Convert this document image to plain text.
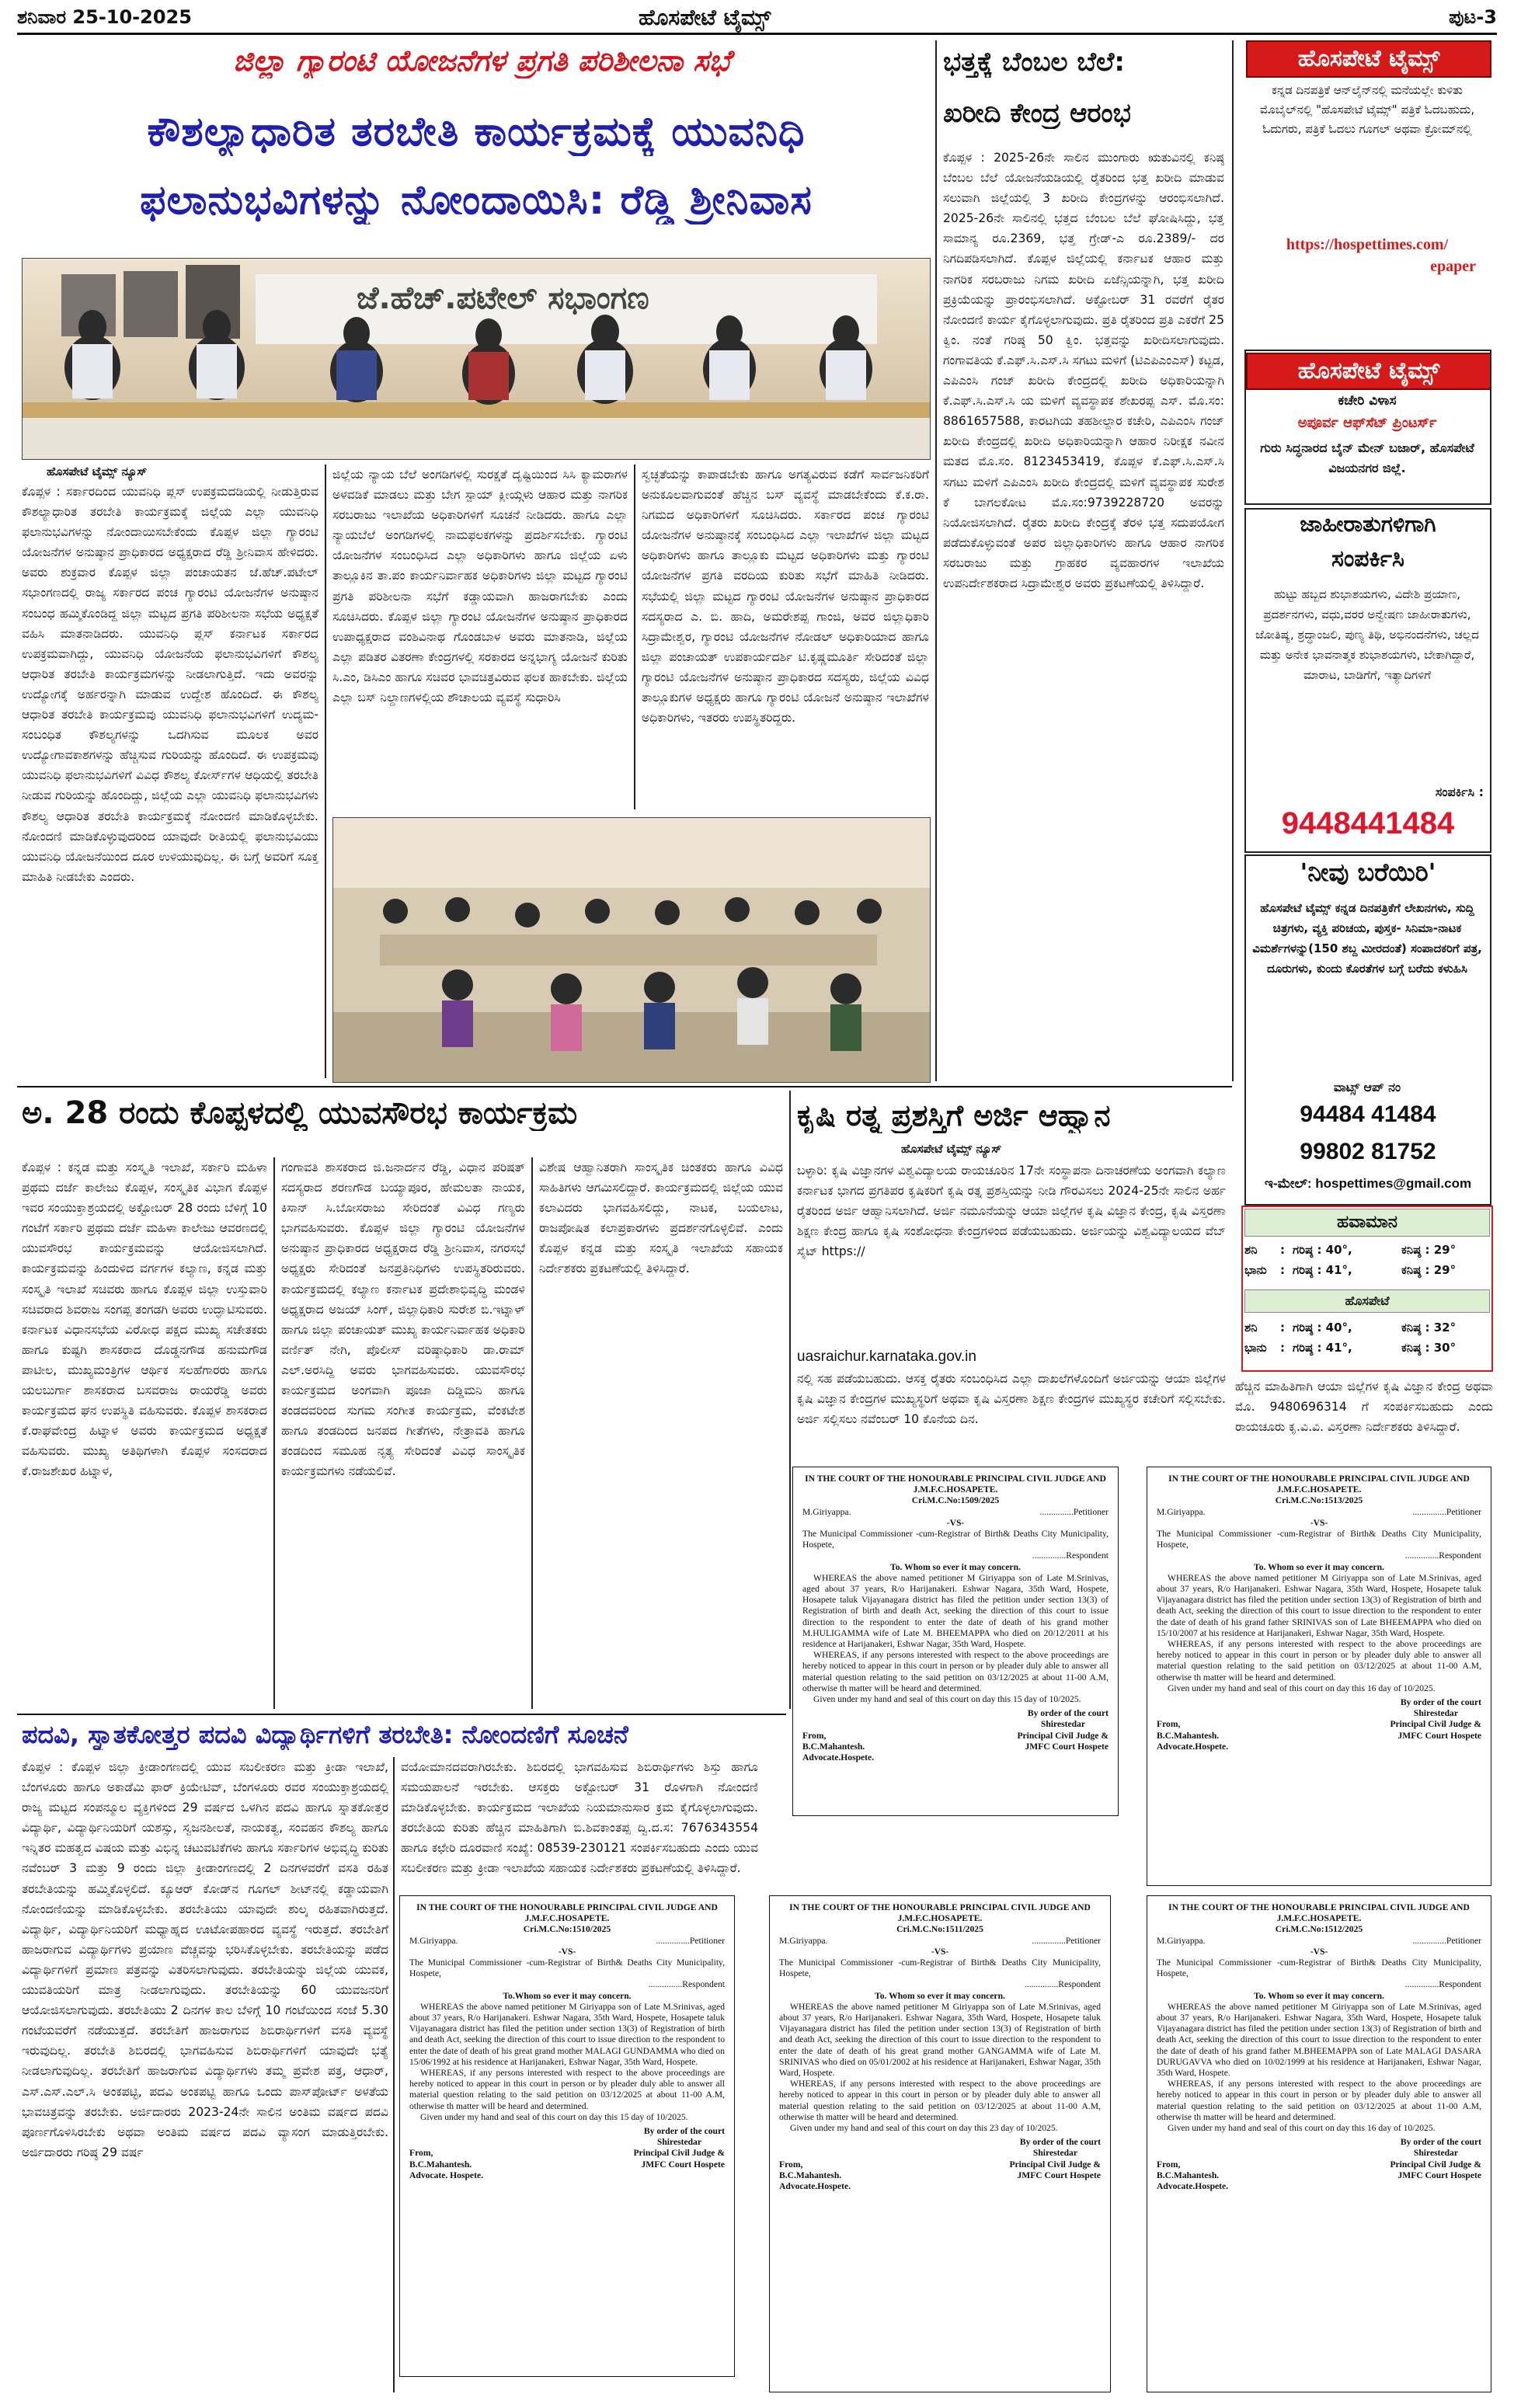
ಶನಿವಾರ 25-10-2025	ಹೊಸಪೇಟೆ ಟೈಮ್ಸ್	ಪುಟ-3
ಜಿಲ್ಲಾ ಗ್ಯಾರಂಟಿ ಯೋಜನೆಗಳ ಪ್ರಗತಿ ಪರಿಶೀಲನಾ ಸಭೆ
ಕೌಶಲ್ಯಾಧಾರಿತ ತರಬೇತಿ ಕಾರ್ಯಕ್ರಮಕ್ಕೆ ಯುವನಿಧಿ
ಫಲಾನುಭವಿಗಳನ್ನು ನೋಂದಾಯಿಸಿ: ರೆಡ್ಡಿ ಶ್ರೀನಿವಾಸ
ಜೆ.ಹೆಚ್.ಪಟೇಲ್ ಸಭಾಂಗಣ
ಹೊಸಪೇಟೆ ಟೈಮ್ಸ್ ನ್ಯೂಸ್
ಕೊಪ್ಪಳ : ಸರ್ಕಾರದಿಂದ ಯುವನಿಧಿ ಪ್ಲಸ್ ಉಪಕ್ರಮದಡಿಯಲ್ಲಿ ನೀಡುತ್ತಿರುವ ಕೌಶಲ್ಯಾಧಾರಿತ ತರಬೇತಿ ಕಾರ್ಯಕ್ರಮಕ್ಕೆ ಜಿಲ್ಲೆಯ ಎಲ್ಲಾ ಯುವನಿಧಿ ಫಲಾನುಭವಿಗಳನ್ನು ನೋಂದಾಯಿಸಬೇಕೆಂದು ಕೊಪ್ಪಳ ಜಿಲ್ಲಾ ಗ್ಯಾರಂಟಿ ಯೋಜನೆಗಳ ಅನುಷ್ಠಾನ ಪ್ರಾಧಿಕಾರದ ಅಧ್ಯಕ್ಷರಾದ ರೆಡ್ಡಿ ಶ್ರೀನಿವಾಸ ಹೇಳಿದರು. ಅವರು ಶುಕ್ರವಾರ ಕೊಪ್ಪಳ ಜಿಲ್ಲಾ ಪಂಚಾಯತನ ಜೆ.ಹೆಚ್.ಪಟೇಲ್ ಸಭಾಂಗಣದಲ್ಲಿ ರಾಜ್ಯ ಸರ್ಕಾರದ ಪಂಚ ಗ್ಯಾರಂಟಿ ಯೋಜನೆಗಳ ಅನುಷ್ಠಾನ ಸಂಬಂಧ ಹಮ್ಮಿಕೊಂಡಿದ್ದ ಜಿಲ್ಲಾ ಮಟ್ಟದ ಪ್ರಗತಿ ಪರಿಶೀಲನಾ ಸಭೆಯ ಅಧ್ಯಕ್ಷತೆ ವಹಿಸಿ ಮಾತನಾಡಿದರು. ಯುವನಿಧಿ ಪ್ಲಸ್ ಕರ್ನಾಟಕ ಸರ್ಕಾರದ ಉಪಕ್ರಮವಾಗಿದ್ದು, ಯುವನಿಧಿ ಯೋಜನೆಯ ಫಲಾನುಭವಿಗಳಿಗೆ ಕೌಶಲ್ಯ ಆಧಾರಿತ ತರಬೇತಿ ಕಾರ್ಯಕ್ರಮಗಳನ್ನು ನೀಡಲಾಗುತ್ತಿದೆ. ಇದು ಅವರನ್ನು ಉದ್ಯೋಗಕ್ಕೆ ಅರ್ಹರನ್ನಾಗಿ ಮಾಡುವ ಉದ್ದೇಶ ಹೊಂದಿದೆ. ಈ ಕೌಶಲ್ಯ ಆಧಾರಿತ ತರಬೇತಿ ಕಾರ್ಯಕ್ರಮವು ಯುವನಿಧಿ ಫಲಾನುಭವಿಗಳಿಗೆ ಉದ್ಯಮ-ಸಂಬಂಧಿತ ಕೌಶಲ್ಯಗಳನ್ನು ಒದಗಿಸುವ ಮೂಲಕ ಅವರ ಉದ್ಯೋಗಾವಕಾಶಗಳನ್ನು ಹೆಚ್ಚಿಸುವ ಗುರಿಯನ್ನು ಹೊಂದಿದೆ. ಈ ಉಪಕ್ರಮವು ಯುವನಿಧಿ ಫಲಾನುಭವಿಗಳಿಗೆ ವಿವಿಧ ಕೌಶಲ್ಯ ಕೋರ್ಸ್‌ಗಳ ಆಧಿಯಲ್ಲಿ ತರಬೇತಿ ನೀಡುವ ಗುರಿಯನ್ನು ಹೊಂದಿದ್ದು, ಜಿಲ್ಲೆಯ ಎಲ್ಲಾ ಯುವನಿಧಿ ಫಲಾನುಭವಿಗಳು ಕೌಶಲ್ಯ ಆಧಾರಿತ ತರಬೇತಿ ಕಾರ್ಯಕ್ರಮಕ್ಕೆ ನೋಂದಣಿ ಮಾಡಿಕೊಳ್ಳಬೇಕು. ನೋಂದಣಿ ಮಾಡಿಕೊಳ್ಳುವುದರಿಂದ ಯಾವುದೇ ರೀತಿಯಲ್ಲಿ ಫಲಾನುಭವಿಯು ಯುವನಿಧಿ ಯೋಜನೆಯಿಂದ ದೂರ ಉಳಿಯುವುದಿಲ್ಲ. ಈ ಬಗ್ಗೆ ಅವರಿಗೆ ಸೂಕ್ತ ಮಾಹಿತಿ ನೀಡಬೇಕು ಎಂದರು.
ಜಿಲ್ಲೆಯ ನ್ಯಾಯ ಬೆಲೆ ಅಂಗಡಿಗಳಲ್ಲಿ ಸುರಕ್ಷತೆ ದೃಷ್ಟಿಯಿಂದ ಸಿಸಿ ಕ್ಯಾಮರಾಗಳ ಅಳವಡಿಕೆ ಮಾಡಲು ಮತ್ತು ಬೇಗ ಸ್ಪಾಯ್ ಕ್ಲೀಯ್ಗಳು ಆಹಾರ ಮತ್ತು ನಾಗರಿಕ ಸರಬರಾಜು ಇಲಾಖೆಯ ಅಧಿಕಾರಿಗಳಿಗೆ ಸೂಚನೆ ನೀಡಿದರು. ಹಾಗೂ ಎಲ್ಲಾ ನ್ಯಾಯಬೆಲೆ ಅಂಗಡಿಗಳಲ್ಲಿ ನಾಮಫಲಕಗಳನ್ನು ಪ್ರದರ್ಶಿಸಬೇಕು. ಗ್ಯಾರಂಟಿ ಯೋಜನೆಗಳ ಸಂಬಂಧಿಸಿದ ಎಲ್ಲಾ ಅಧಿಕಾರಿಗಳು ಹಾಗೂ ಜಿಲ್ಲೆಯ ಏಳು ತಾಲ್ಲೂಕಿನ ತಾ.ಪಂ ಕಾರ್ಯನಿರ್ವಾಹಕ ಅಧಿಕಾರಿಗಳು ಜಿಲ್ಲಾ ಮಟ್ಟದ ಗ್ಯಾರಂಟಿ ಪ್ರಗತಿ ಪರಿಶೀಲನಾ ಸಭೆಗೆ ಕಡ್ಡಾಯವಾಗಿ ಹಾಜರಾಗಬೇಕು ಎಂದು ಸೂಚಿಸಿದರು. ಕೊಪ್ಪಳ ಜಿಲ್ಲಾ ಗ್ಯಾರಂಟಿ ಯೋಜನೆಗಳ ಅನುಷ್ಠಾನ ಪ್ರಾಧಿಕಾರದ ಉಪಾಧ್ಯಕ್ಷರಾದ ವಂಶಿವಿನಾಥ ಗೊಂಡಬಾಳ ಅವರು ಮಾತನಾಡಿ, ಜಿಲ್ಲೆಯ ಎಲ್ಲಾ ಪಡಿತರ ವಿತರಣಾ ಕೇಂದ್ರಗಳಲ್ಲಿ ಸರಕಾರದ ಅನ್ನಭಾಗ್ಯ ಯೋಜನೆ ಕುರಿತು ಸಿ.ಎಂ, ಡಿಸಿಎಂ ಹಾಗೂ ಸಚಿವರ ಭಾವಚಿತ್ರವಿರುವ ಫಲಕ ಹಾಕಬೇಕು. ಜಿಲ್ಲೆಯ ಎಲ್ಲಾ ಬಸ್ ನಿಲ್ದಾಣಗಳಲ್ಲಿಯ ಶೌಚಾಲಯ ವ್ಯವಸ್ಥೆ ಸುಧಾರಿಸಿ
ಸ್ವಚ್ಛತೆಯನ್ನು ಕಾಪಾಡಬೇಕು ಹಾಗೂ ಅಗತ್ಯವಿರುವ ಕಡೆಗೆ ಸಾರ್ವಜನಿಕರಿಗೆ ಅನುಕೂಲವಾಗುವಂತೆ ಹೆಚ್ಚಿನ ಬಸ್ ವ್ಯವಸ್ಥೆ ಮಾಡಬೇಕೆಂದು ಕೆ.ಕ.ರಾ. ನಿಗಮದ ಅಧಿಕಾರಿಗಳಿಗೆ ಸೂಚಿಸಿದರು. ಸರ್ಕಾರದ ಪಂಚ ಗ್ಯಾರಂಟಿ ಯೋಜನೆಗಳ ಅನುಷ್ಠಾನಕ್ಕೆ ಸಂಬಂಧಿಸಿದ ಎಲ್ಲಾ ಇಲಾಖೆಗಳ ಜಿಲ್ಲಾ ಮಟ್ಟದ ಅಧಿಕಾರಿಗಳು ಹಾಗೂ ತಾಲ್ಲೂಕು ಮಟ್ಟದ ಅಧಿಕಾರಿಗಳು ಮತ್ತು ಗ್ಯಾರಂಟಿ ಯೋಜನೆಗಳ ಪ್ರಗತಿ ವರದಿಯ ಕುರಿತು ಸಭೆಗೆ ಮಾಹಿತಿ ನೀಡಿದರು. ಸಭೆಯಲ್ಲಿ ಜಿಲ್ಲಾ ಮಟ್ಟದ ಗ್ಯಾರಂಟಿ ಯೋಜನೆಗಳ ಅನುಷ್ಠಾನ ಪ್ರಾಧಿಕಾರದ ಸದಸ್ಯರಾದ ಎ. ಬಿ. ಹಾದಿ, ಅಮರೇಶಪ್ಪ ಗಾಂಜಿ, ಅವರ ಜಿಲ್ಲಾಧಿಕಾರಿ ಸಿದ್ರಾಮೇಶ್ವರ, ಗ್ಯಾರಂಟಿ ಯೋಜನೆಗಳ ನೋಡಲ್ ಅಧಿಕಾರಿಯಾದ ಹಾಗೂ ಜಿಲ್ಲಾ ಪಂಚಾಯತ್ ಉಪಕಾರ್ಯದರ್ಶಿ ಟಿ.ಕೃಷ್ಣಮೂರ್ತಿ ಸೇರಿದಂತೆ ಜಿಲ್ಲಾ ಗ್ಯಾರಂಟಿ ಯೋಜನೆಗಳ ಅನುಷ್ಠಾನ ಪ್ರಾಧಿಕಾರದ ಸದಸ್ಯರು, ಜಿಲ್ಲೆಯ ವಿವಿಧ ತಾಲ್ಲೂಕುಗಳ ಅಧ್ಯಕ್ಷರು ಹಾಗೂ ಗ್ಯಾರಂಟಿ ಯೋಜನೆ ಅನುಷ್ಠಾನ ಇಲಾಖೆಗಳ ಅಧಿಕಾರಿಗಳು, ಇತರರು ಉಪಸ್ಥಿತರಿದ್ದರು.
ಭತ್ತಕ್ಕೆ ಬೆಂಬಲ ಬೆಲೆ:
ಖರೀದಿ ಕೇಂದ್ರ ಆರಂಭ
ಕೊಪ್ಪಳ : 2025-26ನೇ ಸಾಲಿನ ಮುಂಗಾರು ಋತುವಿನಲ್ಲಿ ಕನಿಷ್ಠ ಬೆಂಬಲ ಬೆಲೆ ಯೋಜನೆಯಡಿಯಲ್ಲಿ ರೈತರಿಂದ ಭತ್ತ ಖರೀದಿ ಮಾಡುವ ಸಲುವಾಗಿ ಜಿಲ್ಲೆಯಲ್ಲಿ 3 ಖರೀದಿ ಕೇಂದ್ರಗಳನ್ನು ಆರಂಭಿಸಲಾಗಿದೆ. 2025-26ನೇ ಸಾಲಿನಲ್ಲಿ ಭತ್ತದ ಬೆಂಬಲ ಬೆಲೆ ಘೋಷಿಸಿದ್ದು, ಭತ್ತ ಸಾಮಾನ್ಯ ರೂ.2369, ಭತ್ತ ಗ್ರೇಡ್-ಎ ರೂ.2389/- ದರ ನಿಗದಿಪಡಿಸಲಾಗಿದೆ. ಕೊಪ್ಪಳ ಜಿಲ್ಲೆಯಲ್ಲಿ ಕರ್ನಾಟಕ ಆಹಾರ ಮತ್ತು ನಾಗರಿಕ ಸರಬರಾಜು ನಿಗಮ ಖರೀದಿ ಏಜೆನ್ಸಿಯನ್ನಾಗಿ, ಭತ್ತ ಖರೀದಿ ಪ್ರಕ್ರಿಯೆಯನ್ನು ಪ್ರಾರಂಭಿಸಲಾಗಿದೆ. ಅಕ್ಟೋಬರ್ 31 ರವರೆಗೆ ರೈತರ ನೋಂದಣಿ ಕಾರ್ಯ ಕೈಗೊಳ್ಳಲಾಗುವುದು. ಪ್ರತಿ ರೈತರಿಂದ ಪ್ರತಿ ಎಕರೆಗೆ 25 ಕ್ವಿಂ. ನಂತೆ ಗರಿಷ್ಠ 50 ಕ್ವಿಂ. ಭತ್ತವನ್ನು ಖರೀದಿಸಲಾಗುವುದು. ಗಂಗಾವತಿಯ ಕೆ.ಎಫ್.ಸಿ.ಎಸ್.ಸಿ ಸಗಟು ಮಳಿಗೆ (ಟಿಎಪಿಎಂಎಸ್) ಕಟ್ಟಡ, ಎಪಿಎಂಸಿ ಗಂಜ್ ಖರೀದಿ ಕೇಂದ್ರದಲ್ಲಿ ಖರೀದಿ ಅಧಿಕಾರಿಯನ್ನಾಗಿ ಕೆ.ಎಫ್.ಸಿ.ಎಸ್.ಸಿ ಯ ಮಳಿಗೆ ವ್ಯವಸ್ಥಾಪಕ ಶೇಖರಪ್ಪ ಎಸ್. ಮೊ.ಸಂ: 8861657588, ಕಾರಟಗಿಯ ತಹಶೀಲ್ದಾರ ಕಚೇರಿ, ಎಪಿಎಂಸಿ ಗಂಜ್ ಖರೀದಿ ಕೇಂದ್ರದಲ್ಲಿ ಖರೀದಿ ಅಧಿಕಾರಿಯನ್ನಾಗಿ ಆಹಾರ ನಿರೀಕ್ಷಕ ನವೀನ ಮತದ ಮೊ.ಸಂ. 8123453419, ಕೊಪ್ಪಳ ಕೆ.ಎಫ್.ಸಿ.ಎಸ್.ಸಿ ಸಗಟು ಮಳಿಗೆ ಎಪಿಎಂಸಿ ಖರೀದಿ ಕೇಂದ್ರದಲ್ಲಿ ಮಳಿಗೆ ವ್ಯವಸ್ಥಾಪಕ ಸುರೇಶ ಕೆ ಬಾಗಲಕೋಟ ಮೊ.ಸಂ:9739228720 ಅವರನ್ನು ನಿಯೋಜಿಸಲಾಗಿದೆ. ರೈತರು ಖರೀದಿ ಕೇಂದ್ರಕ್ಕೆ ತೆರಳಿ ಭತ್ತ ಸದುಪಯೋಗ ಪಡೆದುಕೊಳ್ಳುವಂತೆ ಅಪರ ಜಿಲ್ಲಾಧಿಕಾರಿಗಳು ಹಾಗೂ ಆಹಾರ ನಾಗರಿಕ ಸರಬರಾಜು ಮತ್ತು ಗ್ರಾಹಕರ ವ್ಯವಹಾರಗಳ ಇಲಾಖೆಯ ಉಪನಿರ್ದೇಶಕರಾದ ಸಿದ್ರಾಮೇಶ್ವರ ಅವರು ಪ್ರಕಟಣೆಯಲ್ಲಿ ತಿಳಿಸಿದ್ದಾರೆ.
ಹೊಸಪೇಟೆ ಟೈಮ್ಸ್
ಕನ್ನಡ ದಿನಪತ್ರಿಕೆ ಆನ್‌ಲೈನ್‌ನಲ್ಲಿ ಮನೆಯಲ್ಲೇ ಕುಳಿತು ಮೊಬೈಲ್‌ನಲ್ಲಿ "ಹೊಸಪೇಟೆ ಟೈಮ್ಸ್" ಪತ್ರಿಕೆ ಓದಬಹುದು, ಓದುಗರು, ಪತ್ರಿಕೆ ಓದಲು ಗೂಗಲ್ ಅಥವಾ ಕ್ರೋಮ್‌ನಲ್ಲಿ
https://hospettimes.com/
epaper
ಹೊಸಪೇಟೆ ಟೈಮ್ಸ್
ಕಚೇರಿ ವಿಳಾಸ
ಅಪೂರ್ವ ಆಫ್‌ಸೆಟ್ ಪ್ರಿಂಟರ್ಸ್
ಗುರು ಸಿದ್ಧನಾರದ ಬೈನ್ ಮೇನ್ ಬಜಾರ್, ಹೊಸಪೇಟೆ ವಿಜಯನಗರ ಜಿಲ್ಲೆ.
ಜಾಹೀರಾತುಗಳಿಗಾಗಿ
ಸಂಪರ್ಕಿಸಿ
ಹುಟ್ಟು ಹಬ್ಬದ ಶುಭಾಶಯಗಳು, ವಿದೇಶಿ ಪ್ರಯಾಣ, ಪ್ರದರ್ಶನಗಳು, ವಧು,ವರರ ಅನ್ವೇಷಣ ಜಾಹೀರಾತುಗಳು, ಜೋತಿಷ್ಯ, ಶ್ರದ್ಧಾಂಜಲಿ, ಪುಣ್ಯ ತಿಥಿ, ಅಭಿನಂದನೆಗಳು, ಚಲ್ಲದ ಮತ್ತು ಅನೇಕ ಭಾವನಾತ್ಮಕ ಶುಭಾಶಯಗಳು, ಬೇಕಾಗಿದ್ದಾರೆ, ಮಾರಾಟ, ಬಾಡಿಗೆಗೆ, ಇತ್ಯಾದಿಗಳಿಗೆ
ಸಂಪರ್ಕಿಸಿ :
9448441484
'ನೀವು ಬರೆಯಿರಿ'
ಹೊಸಪೇಟೆ ಟೈಮ್ಸ್ ಕನ್ನಡ ದಿನಪತ್ರಿಕೆಗೆ ಲೇಖನಗಳು, ಸುದ್ದಿ ಚಿತ್ರಗಳು, ವ್ಯಕ್ತಿ ಪರಿಚಯ, ಪುಸ್ತಕ- ಸಿನಿಮಾ-ನಾಟಕ ವಿಮರ್ಶೆಗಳನ್ನು(150 ಶಬ್ದ ಮೀರದಂತೆ) ಸಂಪಾದಕರಿಗೆ ಪತ್ರ, ದೂರುಗಳು, ಕುಂದು ಕೊರತೆಗಳ ಬಗ್ಗೆ ಬರೆದು ಕಳುಹಿಸಿ
ವಾಟ್ಸ್ ಆಪ್ ನಂ
94484 41484
99802 81752
ಇ-ಮೇಲ್: hospettimes@gmail.com
ಹವಾಮಾನ
ಶನಿ	: ಗರಿಷ್ಠ : 40°,	ಕನಿಷ್ಠ : 29°
ಭಾನು	: ಗರಿಷ್ಠ : 41°,	ಕನಿಷ್ಠ : 29°
ಹೊಸಪೇಟೆ
ಶನಿ	: ಗರಿಷ್ಠ : 40°,	ಕನಿಷ್ಠ : 32°
ಭಾನು	: ಗರಿಷ್ಠ : 41°,	ಕನಿಷ್ಠ : 30°
ಅ. 28 ರಂದು ಕೊಪ್ಪಳದಲ್ಲಿ ಯುವಸೌರಭ ಕಾರ್ಯಕ್ರಮ
ಕೊಪ್ಪಳ : ಕನ್ನಡ ಮತ್ತು ಸಂಸ್ಕೃತಿ ಇಲಾಖೆ, ಸರ್ಕಾರಿ ಮಹಿಳಾ ಪ್ರಥಮ ದರ್ಜೆ ಕಾಲೇಜು ಕೊಪ್ಪಳ, ಸಂಸ್ಕೃತಿಕ ವಿಭಾಗ ಕೊಪ್ಪಳ ಇವರ ಸಂಯುಕ್ತಾಶ್ರಯದಲ್ಲಿ ಅಕ್ಟೋಬರ್ 28 ರಂದು ಬೆಳಿಗ್ಗೆ 10 ಗಂಟೆಗೆ ಸರ್ಕಾರಿ ಪ್ರಥಮ ದರ್ಜೆ ಮಹಿಳಾ ಕಾಲೇಜು ಆವರಣದಲ್ಲಿ ಯುವಸೌರಭ ಕಾರ್ಯಕ್ರಮವನ್ನು ಆಯೋಜಿಸಲಾಗಿದೆ. ಕಾರ್ಯಕ್ರಮವನ್ನು ಹಿಂದುಳಿದ ವರ್ಗಗಳ ಕಲ್ಯಾಣ, ಕನ್ನಡ ಮತ್ತು ಸಂಸ್ಕೃತಿ ಇಲಾಖೆ ಸಚಿವರು ಹಾಗೂ ಕೊಪ್ಪಳ ಜಿಲ್ಲಾ ಉಸ್ತುವಾರಿ ಸಚಿವರಾದ ಶಿವರಾಜ ಸಂಗಪ್ಪ ತಂಗಡಗಿ ಅವರು ಉದ್ಘಾಟಿಸುವರು. ಕರ್ನಾಟಕ ವಿಧಾನಸಭೆಯ ವಿರೋಧ ಪಕ್ಷದ ಮುಖ್ಯ ಸಚೇತಕರು ಹಾಗೂ ಕುಷ್ಟಗಿ ಶಾಸಕರಾದ ದೊಡ್ಡನಗೌಡ ಹನುಮಗೌಡ ಪಾಟೀಲ, ಮುಖ್ಯಮಂತ್ರಿಗಳ ಆರ್ಥಿಕ ಸಲಹೆಗಾರರು ಹಾಗೂ ಯಲಬುರ್ಗಾ ಶಾಸಕರಾದ ಬಸವರಾಜ ರಾಯರೆಡ್ಡಿ ಅವರು ಕಾರ್ಯಕ್ರಮದ ಘನ ಉಪಸ್ಥಿತಿ ವಹಿಸುವರು. ಕೊಪ್ಪಳ ಶಾಸಕರಾದ ಕೆ.ರಾಘವೇಂದ್ರ ಹಿಟ್ನಾಳ ಅವರು ಕಾರ್ಯಕ್ರಮದ ಅಧ್ಯಕ್ಷತೆ ವಹಿಸುವರು. ಮುಖ್ಯ ಅತಿಥಿಗಳಾಗಿ ಕೊಪ್ಪಳ ಸಂಸದರಾದ ಕೆ.ರಾಜಶೇಖರ ಹಿಟ್ನಾಳ,
ಗಂಗಾವತಿ ಶಾಸಕರಾದ ಜಿ.ಜನಾರ್ದನ ರೆಡ್ಡಿ, ವಿಧಾನ ಪರಿಷತ್ ಸದಸ್ಯರಾದ ಶರಣಗೌಡ ಬಯ್ಯಾಪೂರ, ಹೇಮಲತಾ ನಾಯಕ, ಕಿಸಾನ್ ಸಿ.ಬೋಸರಾಜು ಸೇರಿದಂತೆ ವಿವಿಧ ಗಣ್ಯರು ಭಾಗವಹಿಸುವರು. ಕೊಪ್ಪಳ ಜಿಲ್ಲಾ ಗ್ಯಾರಂಟಿ ಯೋಜನೆಗಳ ಅನುಷ್ಠಾನ ಪ್ರಾಧಿಕಾರದ ಅಧ್ಯಕ್ಷರಾದ ರೆಡ್ಡಿ ಶ್ರೀನಿವಾಸ, ನಗರಸಭೆ ಅಧ್ಯಕ್ಷರು ಸೇರಿದಂತೆ ಜನಪ್ರತಿನಿಧಿಗಳು ಉಪಸ್ಥಿತರಿರುವರು. ಕಾರ್ಯಕ್ರಮದಲ್ಲಿ ಕಲ್ಯಾಣ ಕರ್ನಾಟಕ ಪ್ರದೇಶಾಭಿವೃದ್ಧಿ ಮಂಡಳಿ ಅಧ್ಯಕ್ಷರಾದ ಅಜಯ್ ಸಿಂಗ್, ಜಿಲ್ಲಾಧಿಕಾರಿ ಸುರೇಶ ಬಿ.ಇಟ್ನಾಳ್ ಹಾಗೂ ಜಿಲ್ಲಾ ಪಂಚಾಯತ್ ಮುಖ್ಯ ಕಾರ್ಯನಿರ್ವಾಹಕ ಅಧಿಕಾರಿ ವರ್ಣಿತ್ ನೇಗಿ, ಪೊಲೀಸ್ ವರಿಷ್ಠಾಧಿಕಾರಿ ಡಾ.ರಾಮ್ ಎಲ್.ಅರಸಿದ್ದಿ ಅವರು ಭಾಗವಹಿಸುವರು. ಯುವಸೌರಭ ಕಾರ್ಯಕ್ರಮದ ಅಂಗವಾಗಿ ಪೂಜಾ ದಿಡ್ಡಿಮನಿ ಹಾಗೂ ತಂಡದವರಿಂದ ಸುಗಮ ಸಂಗೀತ ಕಾರ್ಯಕ್ರಮ, ವೆಂಕಟೇಶ ಹಾಗೂ ತಂಡದಿಂದ ಜನಪದ ಗೀತೆಗಳು, ನೇತ್ರಾವತಿ ಹಾಗೂ ತಂಡದಿಂದ ಸಮೂಹ ನೃತ್ಯ ಸೇರಿದಂತೆ ವಿವಿಧ ಸಾಂಸ್ಕೃತಿಕ ಕಾರ್ಯಕ್ರಮಗಳು ನಡೆಯಲಿವೆ.
ವಿಶೇಷ ಆಹ್ವಾನಿತರಾಗಿ ಸಾಂಸ್ಕೃತಿಕ ಚಿಂತಕರು ಹಾಗೂ ವಿವಿಧ ಸಾಹಿತಿಗಳು ಆಗಮಿಸಲಿದ್ದಾರೆ. ಕಾರ್ಯಕ್ರಮದಲ್ಲಿ ಜಿಲ್ಲೆಯ ಯುವ ಕಲಾವಿದರು ಭಾಗವಹಿಸಲಿದ್ದು, ನಾಟಕ, ಬಯಲಾಟ, ರಾಜಪೋಷಿತ ಕಲಾಪ್ರಕಾರಗಳು ಪ್ರದರ್ಶನಗೊಳ್ಳಲಿವೆ. ಎಂದು ಕೊಪ್ಪಳ ಕನ್ನಡ ಮತ್ತು ಸಂಸ್ಕೃತಿ ಇಲಾಖೆಯ ಸಹಾಯಕ ನಿರ್ದೇಶಕರು ಪ್ರಕಟಣೆಯಲ್ಲಿ ತಿಳಿಸಿದ್ದಾರೆ.
ಕೃಷಿ ರತ್ನ ಪ್ರಶಸ್ತಿಗೆ ಅರ್ಜಿ ಆಹ್ವಾನ
ಹೊಸಪೇಟೆ ಟೈಮ್ಸ್ ನ್ಯೂಸ್
ಬಳ್ಳಾರಿ: ಕೃಷಿ ವಿಜ್ಞಾನಗಳ ವಿಶ್ವವಿದ್ಯಾಲಯ ರಾಯಚೂರಿನ 17ನೇ ಸಂಸ್ಥಾಪನಾ ದಿನಾಚರಣೆಯ ಅಂಗವಾಗಿ ಕಲ್ಯಾಣ ಕರ್ನಾಟಕ ಭಾಗದ ಪ್ರಗತಿಪರ ಕೃಷಿಕರಿಗೆ ಕೃಷಿ ರತ್ನ ಪ್ರಶಸ್ತಿಯನ್ನು ನೀಡಿ ಗೌರವಿಸಲು 2024-25ನೇ ಸಾಲಿನ ಅರ್ಹ ರೈತರಿಂದ ಅರ್ಜಿ ಆಹ್ವಾನಿಸಲಾಗಿದೆ. ಅರ್ಜಿ ನಮೂನೆಯನ್ನು ಆಯಾ ಜಿಲ್ಲೆಗಳ ಕೃಷಿ ವಿಜ್ಞಾನ ಕೇಂದ್ರ, ಕೃಷಿ ವಿಸ್ತರಣಾ ಶಿಕ್ಷಣ ಕೇಂದ್ರ ಹಾಗೂ ಕೃಷಿ ಸಂಶೋಧನಾ ಕೇಂದ್ರಗಳಿಂದ ಪಡೆಯಬಹುದು. ಅರ್ಜಿಯನ್ನು ವಿಶ್ವವಿದ್ಯಾಲಯದ ವೆಬ್ ಸೈಟ್ https://
uasraichur.karnataka.gov.in
ನಲ್ಲಿ ಸಹ ಪಡೆಯಬಹುದು. ಆಸಕ್ತ ರೈತರು ಸಂಬಂಧಿಸಿದ ಎಲ್ಲಾ ದಾಖಲೆಗಳೊಂದಿಗೆ ಅರ್ಜಿಯನ್ನು ಆಯಾ ಜಿಲ್ಲೆಗಳ ಕೃಷಿ ವಿಜ್ಞಾನ ಕೇಂದ್ರಗಳ ಮುಖ್ಯಸ್ಥರಿಗೆ ಅಥವಾ ಕೃಷಿ ವಿಸ್ತರಣಾ ಶಿಕ್ಷಣ ಕೇಂದ್ರಗಳ ಮುಖ್ಯಸ್ಥರ ಕಚೇರಿಗೆ ಸಲ್ಲಿಸಬೇಕು. ಅರ್ಜಿ ಸಲ್ಲಿಸಲು ನವೆಂಬರ್ 10 ಕೊನೆಯ ದಿನ.
ಹೆಚ್ಚಿನ ಮಾಹಿತಿಗಾಗಿ ಆಯಾ ಜಿಲ್ಲೆಗಳ ಕೃಷಿ ವಿಜ್ಞಾನ ಕೇಂದ್ರ ಅಥವಾ ಮೊ. 9480696314 ಗೆ ಸಂಪರ್ಕಿಸಬಹುದು ಎಂದು ರಾಯಚೂರು ಕೃ.ವಿ.ವಿ. ವಿಸ್ತರಣಾ ನಿರ್ದೇಶಕರು ತಿಳಿಸಿದ್ದಾರೆ.
IN THE COURT OF THE HONOURABLE PRINCIPAL CIVIL JUDGE AND J.M.F.C.HOSAPETE.
Cri.M.C.No:1509/2025
M.Giriyappa.	...............Petitioner
-VS-
The Municipal Commissioner -cum-Registrar of Birth& Deaths City Municipality, Hospete,
...............Respondent
To. Whom so ever it may concern.
WHEREAS the above named petitioner M Giriyappa son of Late M.Srinivas, aged about 37 years, R/o Harijanakeri. Eshwar Nagara, 35th Ward, Hospete, Hosapete taluk Vijayanagara district has filed the petition under section 13(3) of Registration of birth and death Act, seeking the direction of this court to issue direction to the respondent to enter the date of death of his grand mother M.HULIGAMMA wife of Late M. BHEEMAPPA who died on 20/12/2011 at his residence at Harijanakeri, Eshwar Nagar, 35th Ward, Hospete.
WHEREAS, if any persons interested with respect to the above proceedings are hereby noticed to appear in this court in person or by pleader duly able to answer all material question relating to the said petition on 03/12/2025 at about 11-00 A.M, otherwise th matter will be heard and determined.
Given under my hand and seal of this court on day this 15 day of 10/2025.
By order of the court
Shirestedar
From,	Principal Civil Judge &
B.C.Mahantesh.	JMFC Court Hospete
Advocate.Hospete.
IN THE COURT OF THE HONOURABLE PRINCIPAL CIVIL JUDGE AND J.M.F.C.HOSAPETE.
Cri.M.C.No:1513/2025
M.Giriyappa.	...............Petitioner
-VS-
The Municipal Commissioner -cum-Registrar of Birth& Deaths City Municipality, Hospete,
...............Respondent
To. Whom so ever it may concern.
WHEREAS the above named petitioner M Giriyappa son of Late M.Srinivas, aged about 37 years, R/o Harijanakeri. Eshwar Nagara, 35th Ward, Hospete, Hosapete taluk Vijayanagara district has filed the petition under section 13(3) of Registration of birth and death Act, seeking the direction of this court to issue direction to the respondent to enter the date of death of his grand father SRINIVAS son of Late BHEEMAPPA who died on 15/10/2007 at his residence at Harijanakeri, Eshwar Nagar, 35th Ward, Hospete.
WHEREAS, if any persons interested with respect to the above proceedings are hereby noticed to appear in this court in person or by pleader duly able to answer all material question relating to the said petition on 03/12/2025 at about 11-00 A.M, otherwise th matter will be heard and determined.
Given under my hand and seal of this court on day this 16 day of 10/2025.
By order of the court
Shirestedar
From,	Principal Civil Judge &
B.C.Mahantesh.	JMFC Court Hospete
Advocate.Hospete.
IN THE COURT OF THE HONOURABLE PRINCIPAL CIVIL JUDGE AND J.M.F.C.HOSAPETE.
Cri.M.C.No:1510/2025
M.Giriyappa.	...............Petitioner
-VS-
The Municipal Commissioner -cum-Registrar of Birth& Deaths City Municipality, Hospete,
...............Respondent
To.Whom so ever it may concern.
WHEREAS the above named petitioner M Giriyappa son of Late M.Srinivas, aged about 37 years, R/o Harijanakeri. Eshwar Nagara, 35th Ward, Hospete, Hosapete taluk Vijayanagara district has filed the petition under section 13(3) of Registration of birth and death Act, seeking the direction of this court to issue direction to the respondent to enter the date of death of his great grand mother MALAGI GUNDAMMA who died on 15/06/1992 at his residence at Harijanakeri, Eshwar Nagar, 35th Ward, Hospete.
WHEREAS, if any persons interested with respect to the above proceedings are hereby noticed to appear in this court in person or by pleader duly able to answer all material question relating to the said petition on 03/12/2025 at about 11-00 A.M, otherwise th matter will be heard and determined.
Given under my hand and seal of this court on day this 15 day of 10/2025.
By order of the court
Shirestedar
From,	Principal Civil Judge &
B.C.Mahantesh.	JMFC Court Hospete
Advocate. Hospete.
IN THE COURT OF THE HONOURABLE PRINCIPAL CIVIL JUDGE AND J.M.F.C.HOSAPETE.
Cri.M.C.No:1511/2025
M.Giriyappa.	...............Petitioner
-VS-
The Municipal Commissioner -cum-Registrar of Birth& Deaths City Municipality, Hospete,
...............Respondent
To. Whom so ever it may concern.
WHEREAS the above named petitioner M Giriyappa son of Late M.Srinivas, aged about 37 years, R/o Harijanakeri. Eshwar Nagara, 35th Ward, Hospete, Hosapete taluk Vijayanagara district has filed the petition under section 13(3) of Registration of birth and death Act, seeking the direction of this court to issue direction to the respondent to enter the date of death of his great grand mother GANGAMMA wife of Late M. SRINIVAS who died on 05/01/2002 at his residence at Harijanakeri, Eshwar Nagar, 35th Ward, Hospete.
WHEREAS, if any persons interested with respect to the above proceedings are hereby noticed to appear in this court in person or by pleader duly able to answer all material question relating to the said petition on 03/12/2025 at about 11-00 A.M, otherwise th matter will be heard and determined.
Given under my hand and seal of this court on day this 23 day of 10/2025.
By order of the court
Shirestedar
From,	Principal Civil Judge &
B.C.Mahantesh.	JMFC Court Hospete
Advocate.Hospete.
IN THE COURT OF THE HONOURABLE PRINCIPAL CIVIL JUDGE AND J.M.F.C.HOSAPETE.
Cri.M.C.No:1512/2025
M.Giriyappa.	...............Petitioner
-VS-
The Municipal Commissioner -cum-Registrar of Birth& Deaths City Municipality, Hospete,
...............Respondent
To. Whom so ever it may concern.
WHEREAS the above named petitioner M Giriyappa son of Late M.Srinivas, aged about 37 years, R/o Harijanakeri. Eshwar Nagara, 35th Ward, Hospete, Hosapete taluk Vijayanagara district has filed the petition under section 13(3) of Registration of birth and death Act, seeking the direction of this court to issue direction to the respondent to enter the date of death of his grand father M.BHEEMAPPA son of Late MALAGI DASARA DURUGAVVA who died on 10/02/1999 at his residence at Harijanakeri, Eshwar Nagar, 35th Ward, Hospete.
WHEREAS, if any persons interested with respect to the above proceedings are hereby noticed to appear in this court in person or by pleader duly able to answer all material question relating to the said petition on 03/12/2025 at about 11-00 A.M, otherwise th matter will be heard and determined.
Given under my hand and seal of this court on day this 16 day of 10/2025.
By order of the court
Shirestedar
From,	Principal Civil Judge &
B.C.Mahantesh.	JMFC Court Hospete
Advocate.Hospete.
ಪದವಿ, ಸ್ನಾತಕೋತ್ತರ ಪದವಿ ವಿದ್ಯಾರ್ಥಿಗಳಿಗೆ ತರಬೇತಿ: ನೋಂದಣಿಗೆ ಸೂಚನೆ
ಕೊಪ್ಪಳ : ಕೊಪ್ಪಳ ಜಿಲ್ಲಾ ಕ್ರೀಡಾಂಗಣದಲ್ಲಿ ಯುವ ಸಬಲೀಕರಣ ಮತ್ತು ಕ್ರೀಡಾ ಇಲಾಖೆ, ಬೆಂಗಳೂರು ಹಾಗೂ ಅಕಾಡೆಮಿ ಫಾರ್ ಕ್ರಿಯೇಟಿವ್, ಬೆಂಗಳೂರು ರವರ ಸಂಯುಕ್ತಾಶ್ರಯದಲ್ಲಿ ರಾಜ್ಯ ಮಟ್ಟದ ಸಂಪನ್ಮೂಲ ವ್ಯಕ್ತಿಗಳಿಂದ 29 ವರ್ಷದ ಒಳಗಿನ ಪದವಿ ಹಾಗೂ ಸ್ನಾತಕೋತ್ತರ ವಿದ್ಯಾರ್ಥಿ, ವಿದ್ಯಾರ್ಥಿನಿಯರಿಗೆ ಯಶಸ್ಸು, ಸ್ವಜನಶೀಲತೆ, ನಾಯಕತ್ವ, ಸಂವಹನ ಕೌಶಲ್ಯ ಹಾಗೂ ಇನ್ನಿತರ ಮಹತ್ವದ ವಿಷಯ ಮತ್ತು ವಿಭಿನ್ನ ಚಟುವಟಿಕೆಗಳು ಹಾಗೂ ಸರ್ಕಾರಿಗಳ ಅಭಿವೃದ್ಧಿ ಕುರಿತು ನವೆಂಬರ್ 3 ಮತ್ತು 9 ರಂದು ಜಿಲ್ಲಾ ಕ್ರೀಡಾಂಗಣದಲ್ಲಿ 2 ದಿನಗಳವರೆಗೆ ವಸತಿ ರಹಿತ ತರಬೇತಿಯನ್ನು ಹಮ್ಮಿಕೊಳ್ಳಲಿದೆ. ಕ್ಯೂಆರ್ ಕೋಡ್‌ನ ಗೂಗಲ್ ಶೀಟ್‌ನಲ್ಲಿ ಕಡ್ಡಾಯವಾಗಿ ನೋಂದಣಿಯನ್ನು ಮಾಡಿಕೊಳ್ಳಬೇಕು. ತರಬೇತಿಯು ಯಾವುದೇ ಶುಲ್ಕ ರಹಿತವಾಗಿರುತ್ತದೆ. ವಿದ್ಯಾರ್ಥಿ, ವಿದ್ಯಾರ್ಥಿನಿಯರಿಗೆ ಮಧ್ಯಾಹ್ನದ ಊಟೋಪಹಾರದ ವ್ಯವಸ್ಥೆ ಇರುತ್ತದೆ. ತರಬೇತಿಗೆ ಹಾಜರಾಗುವ ವಿದ್ಯಾರ್ಥಿಗಳು ಪ್ರಯಾಣ ವೆಚ್ಚವನ್ನು ಭರಿಸಿಕೊಳ್ಳಬೇಕು. ತರಬೇತಿಯನ್ನು ಪಡೆದ ವಿದ್ಯಾರ್ಥಿಗಳಿಗೆ ಪ್ರಮಾಣ ಪತ್ರವನ್ನು ವಿತರಿಸಲಾಗುವುದು. ತರಬೇತಿಯನ್ನು ಜಿಲ್ಲೆಯ ಯುವಕ, ಯುವತಿಯರಿಗೆ ಮಾತ್ರ ನೀಡಲಾಗುವುದು. ತರಬೇತಿಯನ್ನು 60 ಯುವಜನರಿಗೆ ಆಯೋಜಿಸಲಾಗುವುದು. ತರಬೇತಿಯು 2 ದಿನಗಳ ಕಾಲ ಬೆಳಿಗ್ಗೆ 10 ಗಂಟೆಯಿಂದ ಸಂಜೆ 5.30 ಗಂಟೆಯವರೆಗೆ ನಡೆಯುತ್ತದೆ. ತರಬೇತಿಗೆ ಹಾಜರಾಗುವ ಶಿಬಿರಾರ್ಥಿಗಳಿಗೆ ವಸತಿ ವ್ಯವಸ್ಥೆ ಇರುವುದಿಲ್ಲ. ತರಬೇತಿ ಶಿಬಿರದಲ್ಲಿ ಭಾಗವಹಿಸುವ ಶಿಬಿರಾರ್ಥಿಗಳಿಗೆ ಯಾವುದೇ ಭತ್ಯೆ ನೀಡಲಾಗುವುದಿಲ್ಲ. ತರಬೇತಿಗೆ ಹಾಜರಾಗುವ ವಿದ್ಯಾರ್ಥಿಗಳು ತಮ್ಮ ಪ್ರವೇಶ ಪತ್ರ, ಆಧಾರ್, ಎಸ್.ಎಸ್.ಎಲ್.ಸಿ ಅಂಕಪಟ್ಟಿ, ಪದವಿ ಅಂಕಪಟ್ಟಿ ಹಾಗೂ ಒಂದು ಪಾಸ್‌ಪೋರ್ಟ್ ಅಳತೆಯ ಭಾವಚಿತ್ರವನ್ನು ತರಬೇಕು. ಅರ್ಜಿದಾರರು 2023-24ನೇ ಸಾಲಿನ ಅಂತಿಮ ವರ್ಷದ ಪದವಿ ಪೂರ್ಣಗೊಳಿಸಿರಬೇಕು ಅಥವಾ ಅಂತಿಮ ವರ್ಷದ ಪದವಿ ವ್ಯಾಸಂಗ ಮಾಡುತ್ತಿರಬೇಕು. ಅರ್ಜಿದಾರರು ಗರಿಷ್ಠ 29 ವರ್ಷ
ವಯೋಮಾನದವರಾಗಿರಬೇಕು. ಶಿಬಿರದಲ್ಲಿ ಭಾಗವಹಿಸುವ ಶಿಬಿರಾರ್ಥಿಗಳು ಶಿಸ್ತು ಹಾಗೂ ಸಮಯಪಾಲನೆ ಇರಬೇಕು. ಆಸಕ್ತರು ಅಕ್ಟೋಬರ್ 31 ರೊಳಗಾಗಿ ನೋಂದಣಿ ಮಾಡಿಕೊಳ್ಳಬೇಕು. ಕಾರ್ಯಕ್ರಮದ ಇಲಾಖೆಯ ನಿಯಮಾನುಸಾರ ಕ್ರಮ ಕೈಗೊಳ್ಳಲಾಗುವುದು. ತರಬೇತಿಯ ಕುರಿತು ಹೆಚ್ಚಿನ ಮಾಹಿತಿಗಾಗಿ ಬಿ.ಶಿವಕಾಂತಪ್ಪ ದ್ವಿ.ದ.ಸ: 7676343554 ಹಾಗೂ ಕಛೇರಿ ದೂರವಾಣಿ ಸಂಖ್ಯೆ: 08539-230121 ಸಂಪರ್ಕಿಸಬಹುದು ಎಂದು ಯುವ ಸಬಲೀಕರಣ ಮತ್ತು ಕ್ರೀಡಾ ಇಲಾಖೆಯ ಸಹಾಯಕ ನಿರ್ದೇಶಕರು ಪ್ರಕಟಣೆಯಲ್ಲಿ ತಿಳಿಸಿದ್ದಾರೆ.
